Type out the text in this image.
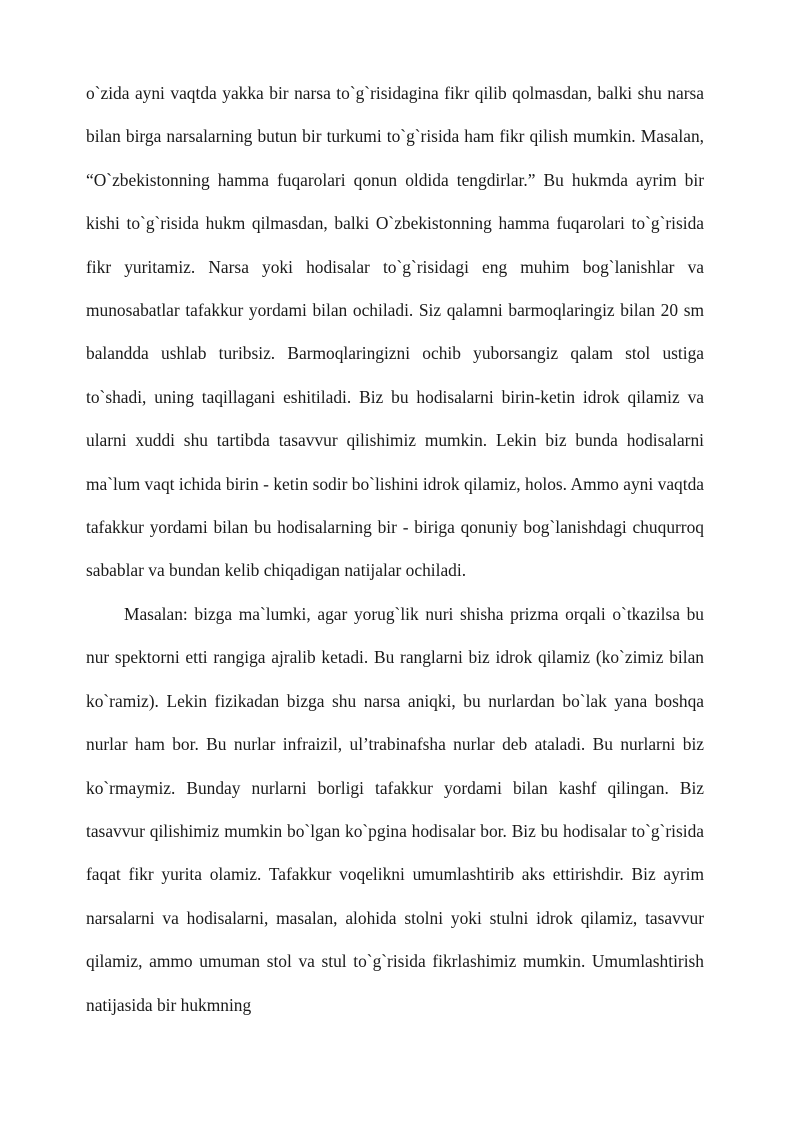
o`zida ayni vaqtda yakka bir narsa to`g`risidagina fikr qilib qolmasdan, balki shu narsa bilan birga narsalarning butun bir turkumi to`g`risida ham fikr qilish mumkin. Masalan, “O`zbekistonning hamma fuqarolari qonun oldida tengdirlar.” Bu hukmda ayrim bir kishi to`g`risida hukm qilmasdan, balki O`zbekistonning hamma fuqarolari to`g`risida fikr yuritamiz. Narsa yoki hodisalar to`g`risidagi eng muhim bog`lanishlar va munosabatlar tafakkur yordami bilan ochiladi. Siz qalamni barmoqlaringiz bilan 20 sm balandda ushlab turibsiz. Barmoqlaringizni ochib yuborsangiz qalam stol ustiga to`shadi, uning taqillagani eshitiladi. Biz bu hodisalarni birin-ketin idrok qilamiz va ularni xuddi shu tartibda tasavvur qilishimiz mumkin. Lekin biz bunda hodisalarni ma`lum vaqt ichida birin - ketin sodir bo`lishini idrok qilamiz, holos. Ammo ayni vaqtda tafakkur yordami bilan bu hodisalarning bir - biriga qonuniy bog`lanishdagi chuqurroq sabablar va bundan kelib chiqadigan natijalar ochiladi.

Masalan: bizga ma`lumki, agar yorug`lik nuri shisha prizma orqali o`tkazilsa bu nur spektorni etti rangiga ajralib ketadi. Bu ranglarni biz idrok qilamiz (ko`zimiz bilan ko`ramiz). Lekin fizikadan bizga shu narsa aniqki, bu nurlardan bo`lak yana boshqa nurlar ham bor. Bu nurlar infraizil, ul’trabinafsha nurlar deb ataladi. Bu nurlarni biz ko`rmaymiz. Bunday nurlarni borligi tafakkur yordami bilan kashf qilingan. Biz tasavvur qilishimiz mumkin bo`lgan ko`pgina hodisalar bor. Biz bu hodisalar to`g`risida faqat fikr yurita olamiz. Tafakkur voqelikni umumlashtirib aks ettirishdir. Biz ayrim narsalarni va hodisalarni, masalan, alohida stolni yoki stulni idrok qilamiz, tasavvur qilamiz, ammo umuman stol va stul to`g`risida fikrlashimiz mumkin. Umumlashtirish natijasida bir hukmning
